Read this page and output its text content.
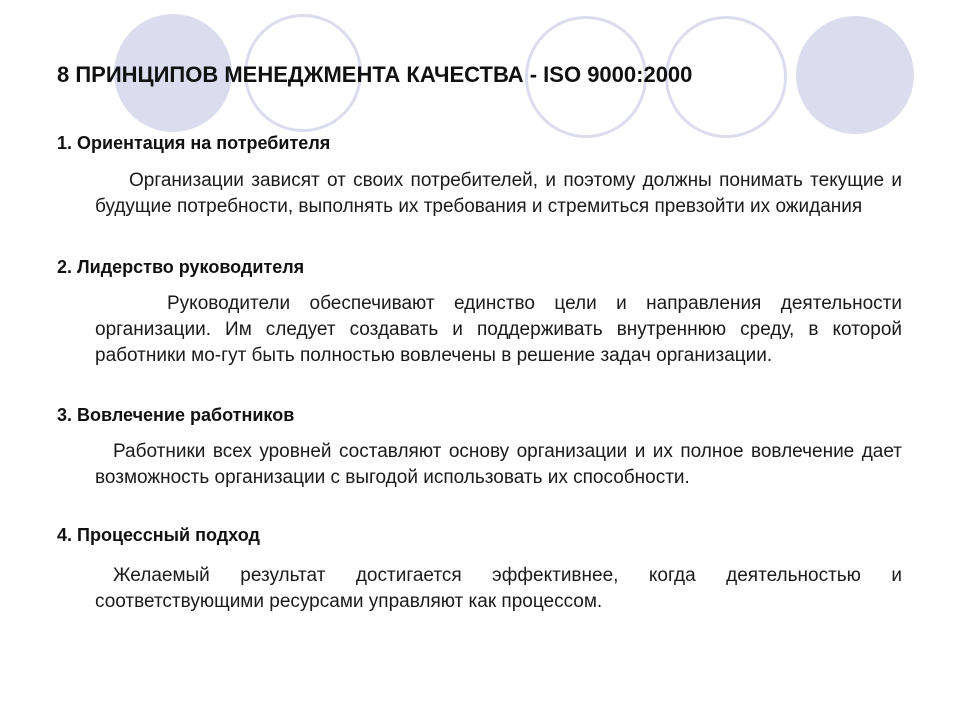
8 ПРИНЦИПОВ МЕНЕДЖМЕНТА КАЧЕСТВА - ISO 9000:2000
1. Ориентация на потребителя

Организации зависят от своих потребителей, и поэтому должны понимать текущие и будущие потребности, выполнять их требования и стремиться превзойти их ожидания

2. Лидерство руководителя

Руководители обеспечивают единство цели и направления деятельности организации. Им следует создавать и поддерживать внутреннюю среду, в которой работники мо-гут быть полностью вовлечены в решение задач организации.

3. Вовлечение работников

Работники всех уровней составляют основу организации и их полное вовлечение дает возможность организации с выгодой использовать их способности.

4. Процессный подход

Желаемый результат достигается эффективнее, когда деятельностью и соответствующими ресурсами управляют как процессом.
